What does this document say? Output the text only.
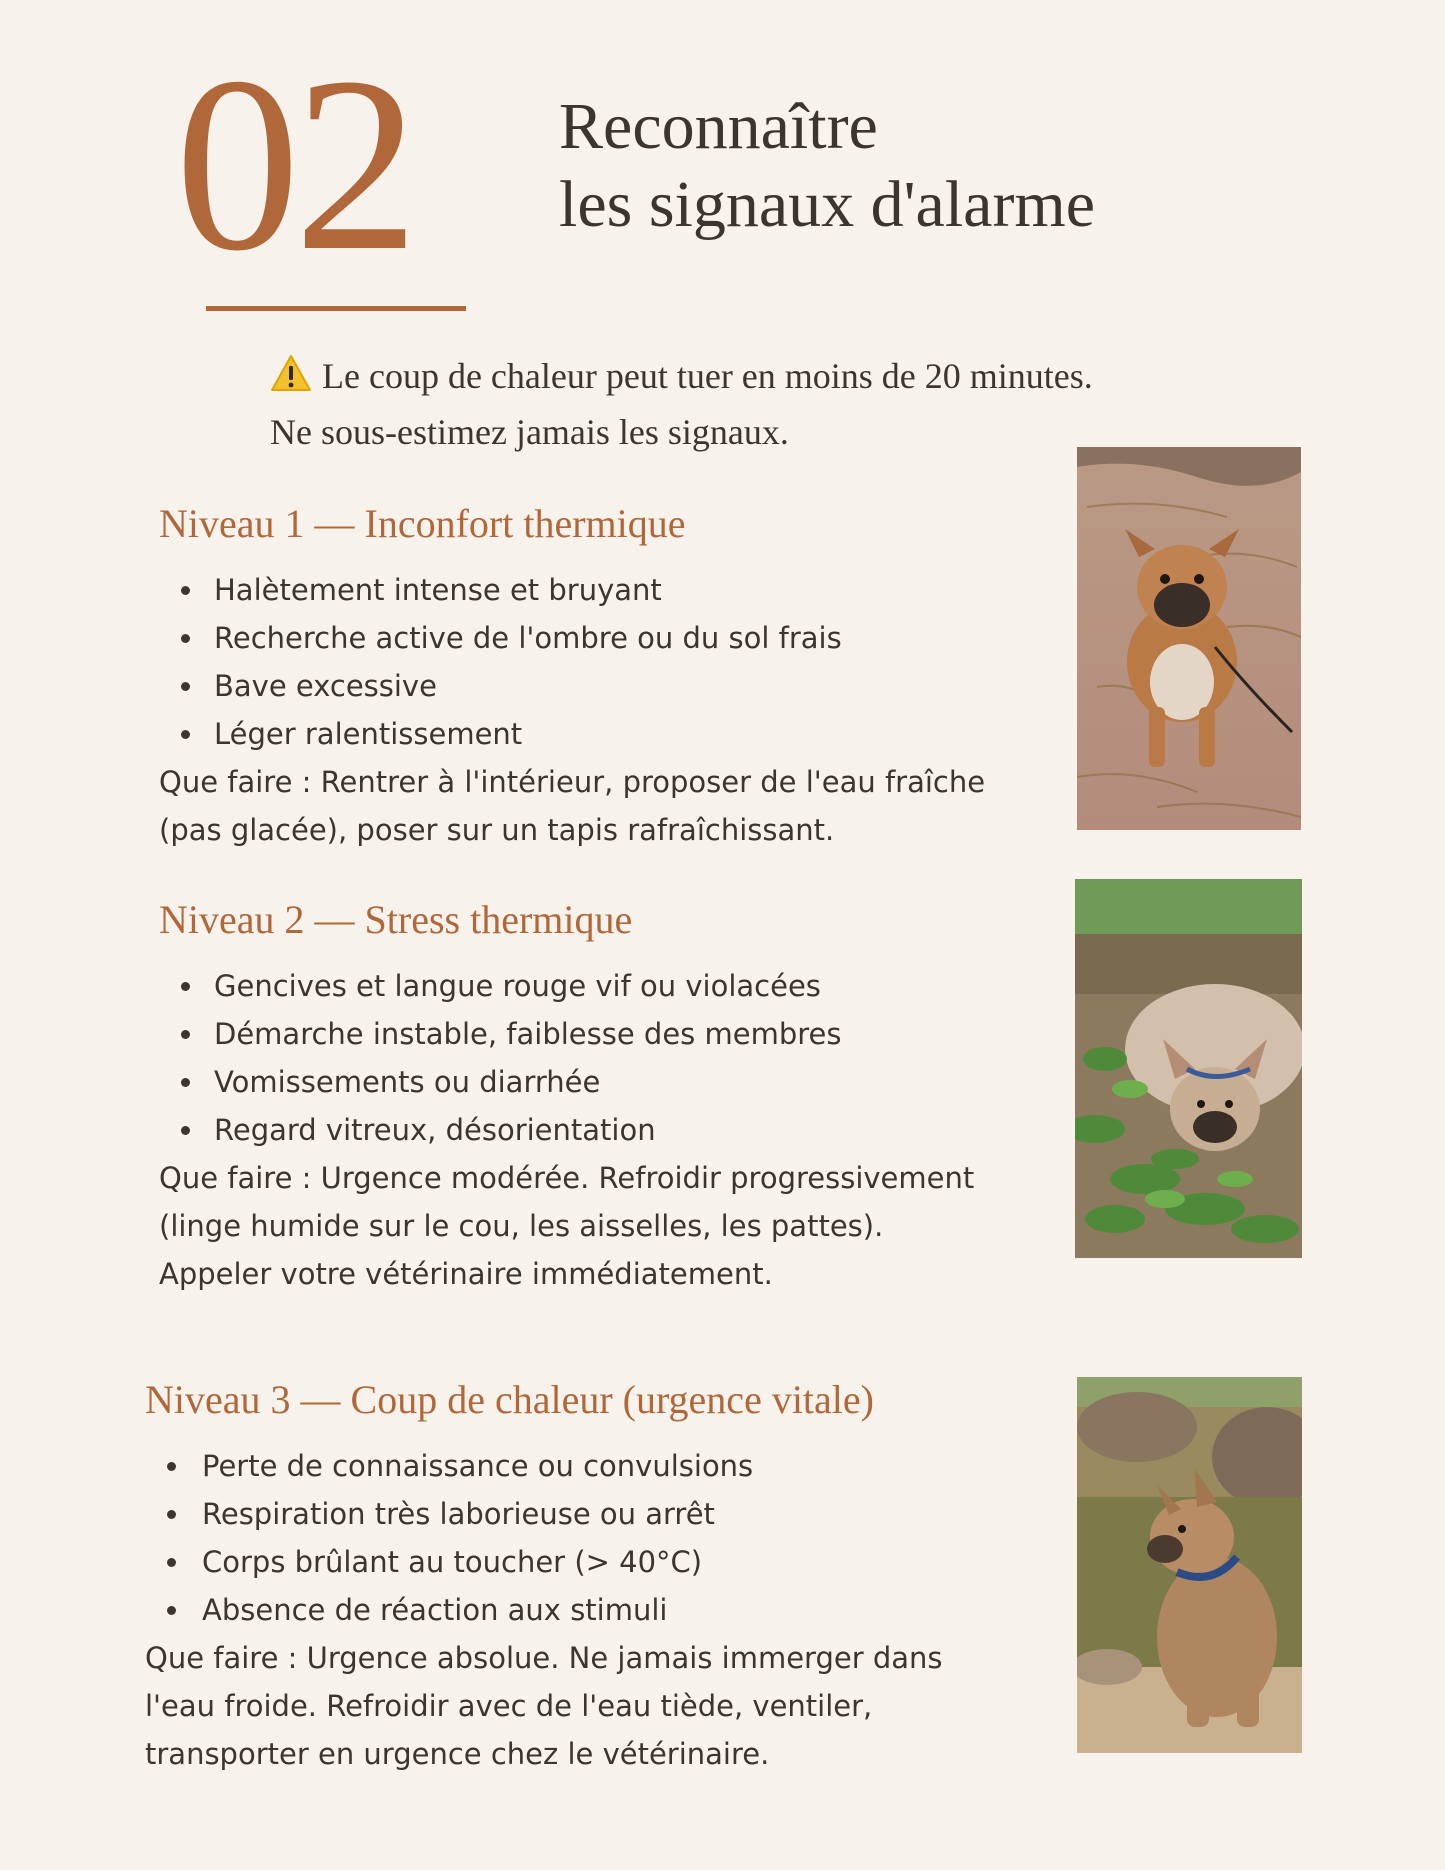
02 Reconnaître
les signaux d'alarme
Le coup de chaleur peut tuer en moins de 20 minutes.
Ne sous-estimez jamais les signaux.
Niveau 1 — Inconfort thermique
Halètement intense et bruyant
Recherche active de l'ombre ou du sol frais
Bave excessive
Léger ralentissement

Que faire : Rentrer à l'intérieur, proposer de l'eau fraîche
(pas glacée), poser sur un tapis rafraîchissant.

Niveau 2 — Stress thermique
Gencives et langue rouge vif ou violacées
Démarche instable, faiblesse des membres
Vomissements ou diarrhée
Regard vitreux, désorientation

Que faire : Urgence modérée. Refroidir progressivement
(linge humide sur le cou, les aisselles, les pattes).
Appeler votre vétérinaire immédiatement.

Niveau 3 — Coup de chaleur (urgence vitale)
Perte de connaissance ou convulsions
Respiration très laborieuse ou arrêt
Corps brûlant au toucher (> 40°C)
Absence de réaction aux stimuli

Que faire : Urgence absolue. Ne jamais immerger dans
l'eau froide. Refroidir avec de l'eau tiède, ventiler,
transporter en urgence chez le vétérinaire.
